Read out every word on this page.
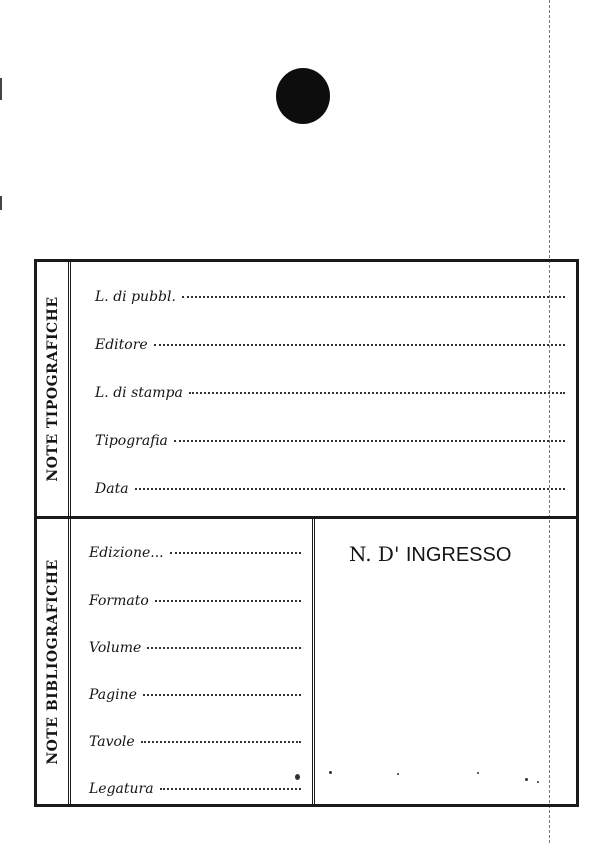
NOTE TIPOGRAFICHE
NOTE BIBLIOGRAFICHE
L. di pubbl.
Editore
L. di stampa
Tipografia
Data
Edizione...
Formato
Volume
Pagine
Tavole
Legatura
N. D' INGRESSO
